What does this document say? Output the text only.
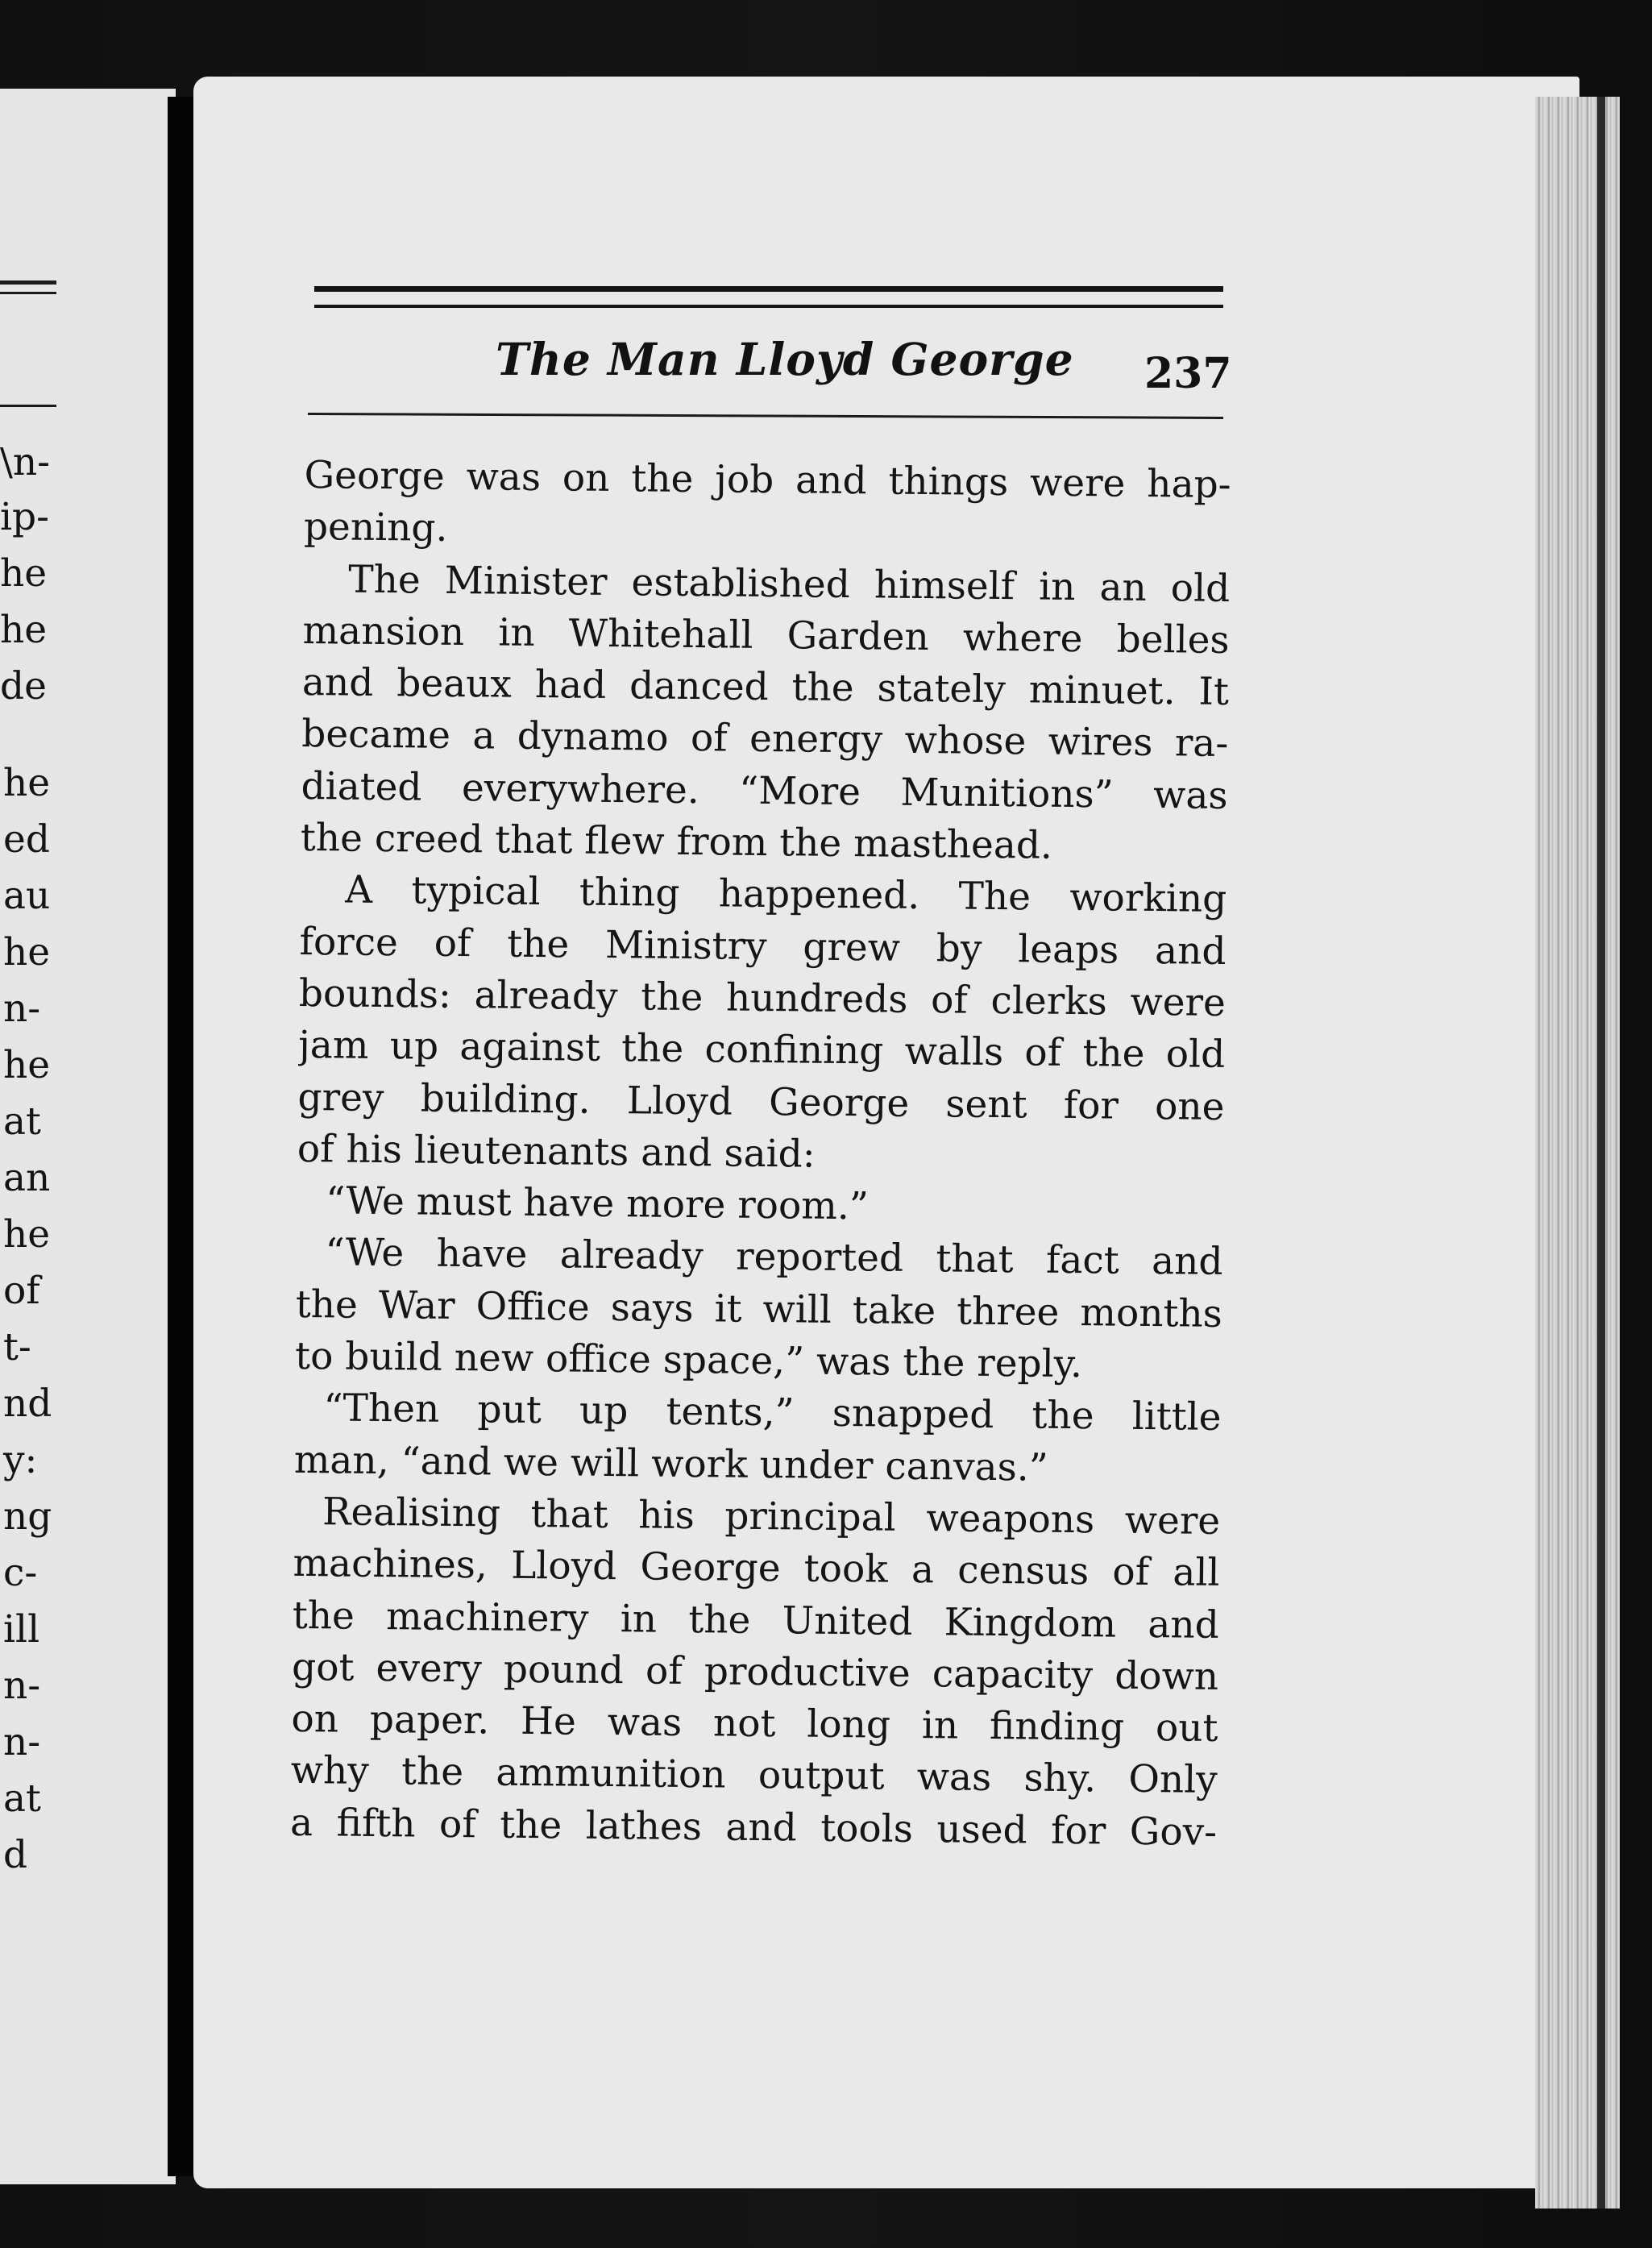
\n-
ip-
he
he
de
he
ed
au
he
n-
he
at
an
he
of
t-
nd
y:
ng
c-
ill
n-
n-
at
d
The Man Lloyd George 237
George was on the job and things were hap-
pening.
The Minister established himself in an old
mansion in Whitehall Garden where belles
and beaux had danced the stately minuet. It
became a dynamo of energy whose wires ra-
diated everywhere. “More Munitions” was
the creed that flew from the masthead.
A typical thing happened. The working
force of the Ministry grew by leaps and
bounds: already the hundreds of clerks were
jam up against the confining walls of the old
grey building. Lloyd George sent for one
of his lieutenants and said:
“We must have more room.”
“We have already reported that fact and
the War Office says it will take three months
to build new office space,” was the reply.
“Then put up tents,” snapped the little
man, “and we will work under canvas.”
Realising that his principal weapons were
machines, Lloyd George took a census of all
the machinery in the United Kingdom and
got every pound of productive capacity down
on paper. He was not long in finding out
why the ammunition output was shy. Only
a fifth of the lathes and tools used for Gov-
